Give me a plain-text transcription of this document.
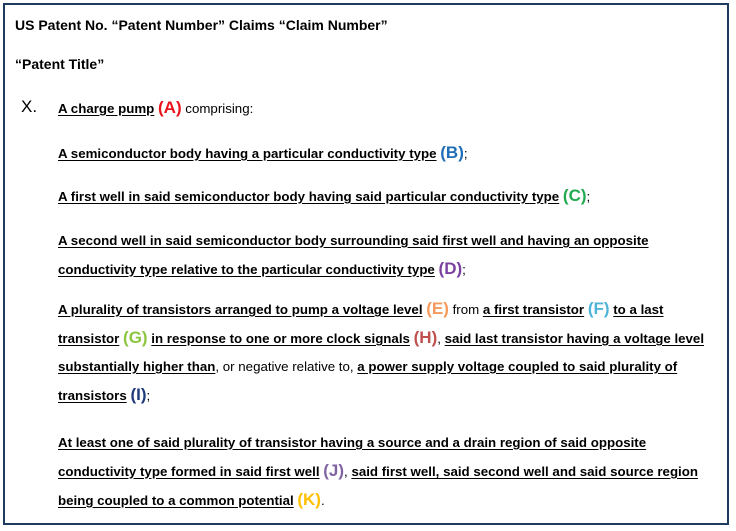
US Patent No. “Patent Number” Claims “Claim Number”
“Patent Title”
X. A charge pump (A) comprising:
A semiconductor body having a particular conductivity type (B);
A first well in said semiconductor body having said particular conductivity type (C);
A second well in said semiconductor body surrounding said first well and having an opposite conductivity type relative to the particular conductivity type (D);
A plurality of transistors arranged to pump a voltage level (E) from a first transistor (F) to a last transistor (G) in response to one or more clock signals (H), said last transistor having a voltage level substantially higher than, or negative relative to, a power supply voltage coupled to said plurality of transistors (I);
At least one of said plurality of transistor having a source and a drain region of said opposite conductivity type formed in said first well (J), said first well, said second well and said source region being coupled to a common potential (K).
